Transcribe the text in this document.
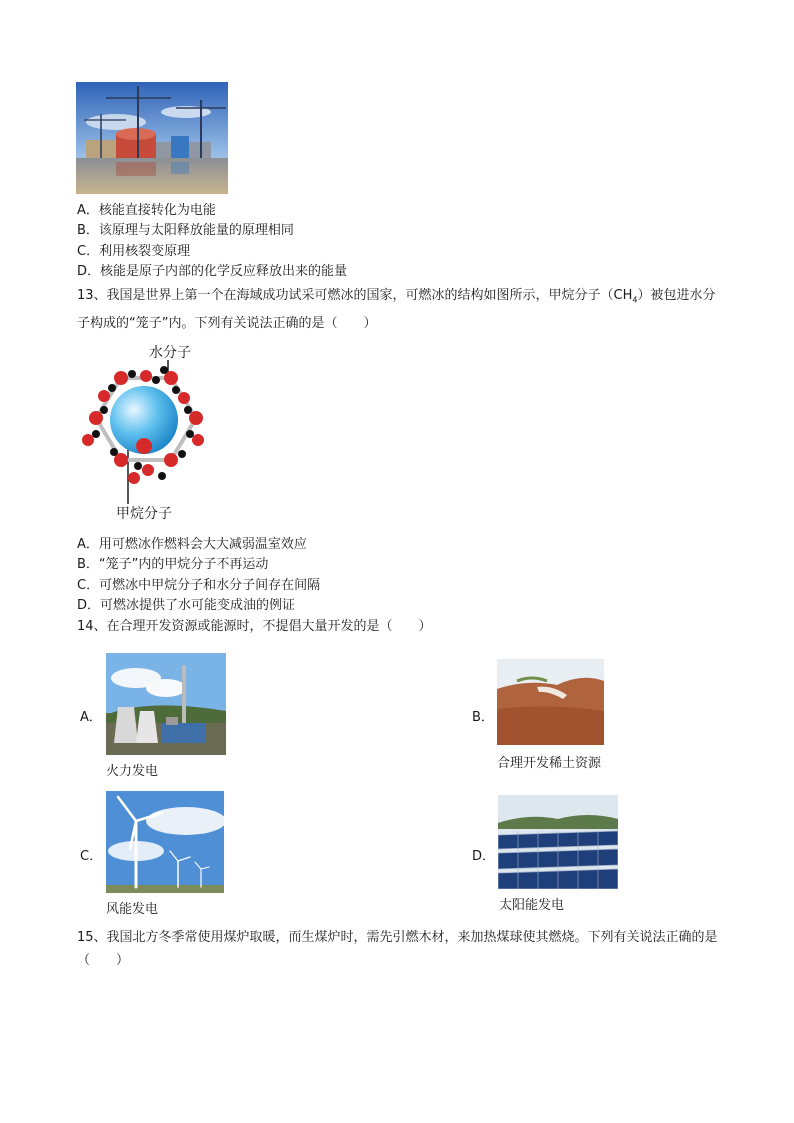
A．核能直接转化为电能
B．该原理与太阳释放能量的原理相同
C．利用核裂变原理
D．核能是原子内部的化学反应释放出来的能量
13、我国是世界上第一个在海域成功试采可燃冰的国家，可燃冰的结构如图所示，甲烷分子$(CH_4)$被包进水分子构成的“笼子”内。下列有关说法正确的是（　　）
水分子
甲烷分子
A．用可燃冰作燃料会大大减弱温室效应
B．“笼子”内的甲烷分子不再运动
C．可燃冰中甲烷分子和水分子间存在间隔
D．可燃冰提供了水可能变成油的例证
14、在合理开发资源或能源时，不提倡大量开发的是（　　）
A．
火力发电
B．
合理开发稀土资源
C．
风能发电
D．
太阳能发电
15、我国北方冬季常使用煤炉取暖，而生煤炉时，需先引燃木材，来加热煤球使其燃烧。下列有关说法正确的是（　　）
